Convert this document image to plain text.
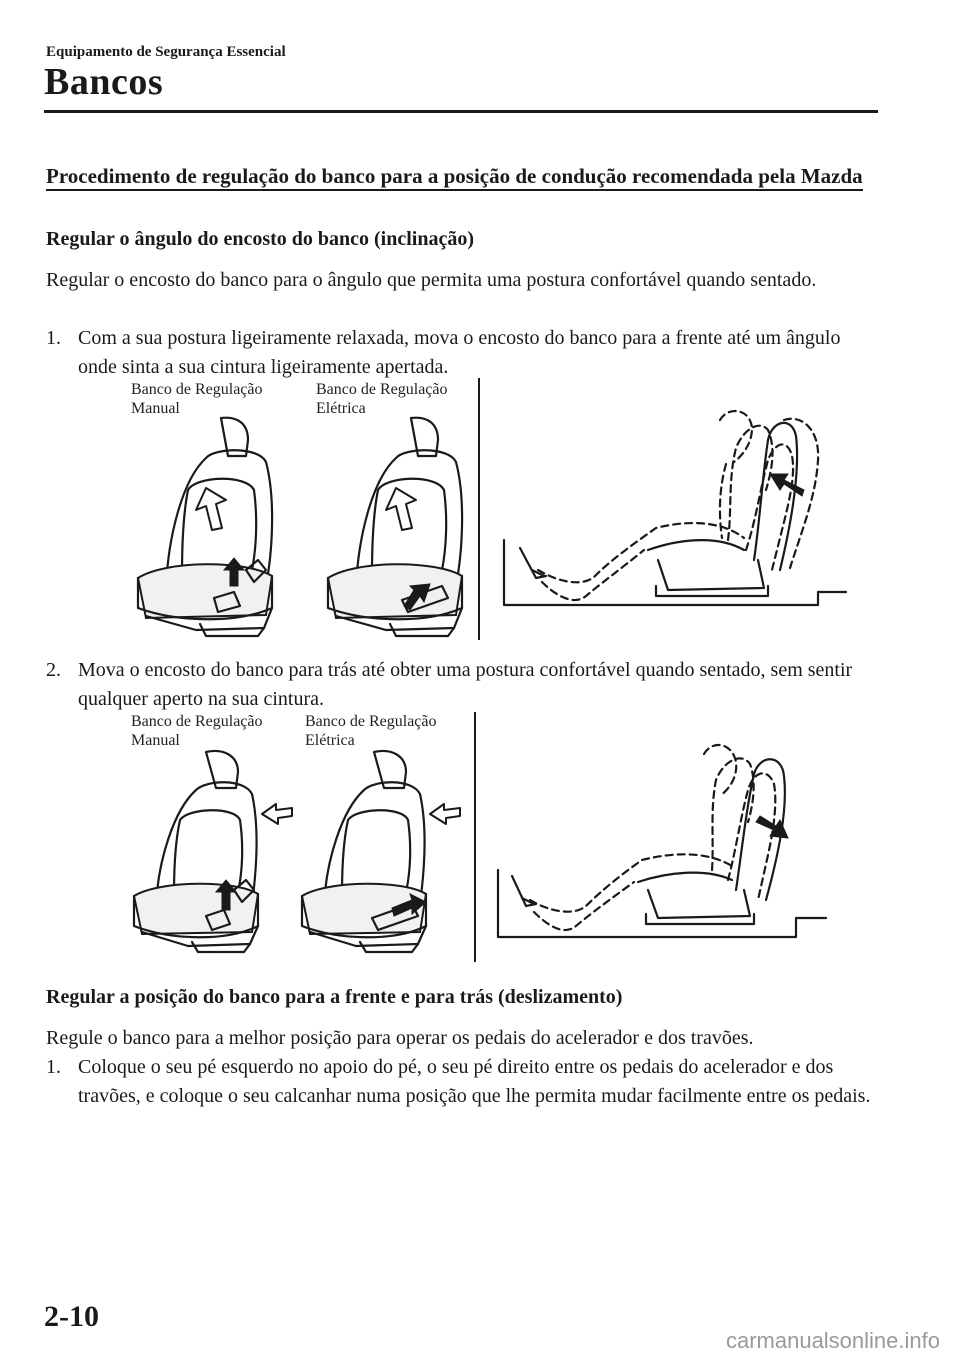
Equipamento de Segurança Essencial
Bancos
Procedimento de regulação do banco para a posição de condução recomendada pela Mazda
Regular o ângulo do encosto do banco (inclinação)
Regular o encosto do banco para o ângulo que permita uma postura confortável quando sentado.
1. Com a sua postura ligeiramente relaxada, mova o encosto do banco para a frente até um ângulo onde sinta a sua cintura ligeiramente apertada.
Banco de Regulação
Manual
Banco de Regulação
Elétrica
2. Mova o encosto do banco para trás até obter uma postura confortável quando sentado, sem sentir qualquer aperto na sua cintura.
Banco de Regulação
Manual
Banco de Regulação
Elétrica
Regular a posição do banco para a frente e para trás (deslizamento)
Regule o banco para a melhor posição para operar os pedais do acelerador e dos travões.
1. Coloque o seu pé esquerdo no apoio do pé, o seu pé direito entre os pedais do acelerador e dos travões, e coloque o seu calcanhar numa posição que lhe permita mudar facilmente entre os pedais.
2-10
carmanualsonline.info
